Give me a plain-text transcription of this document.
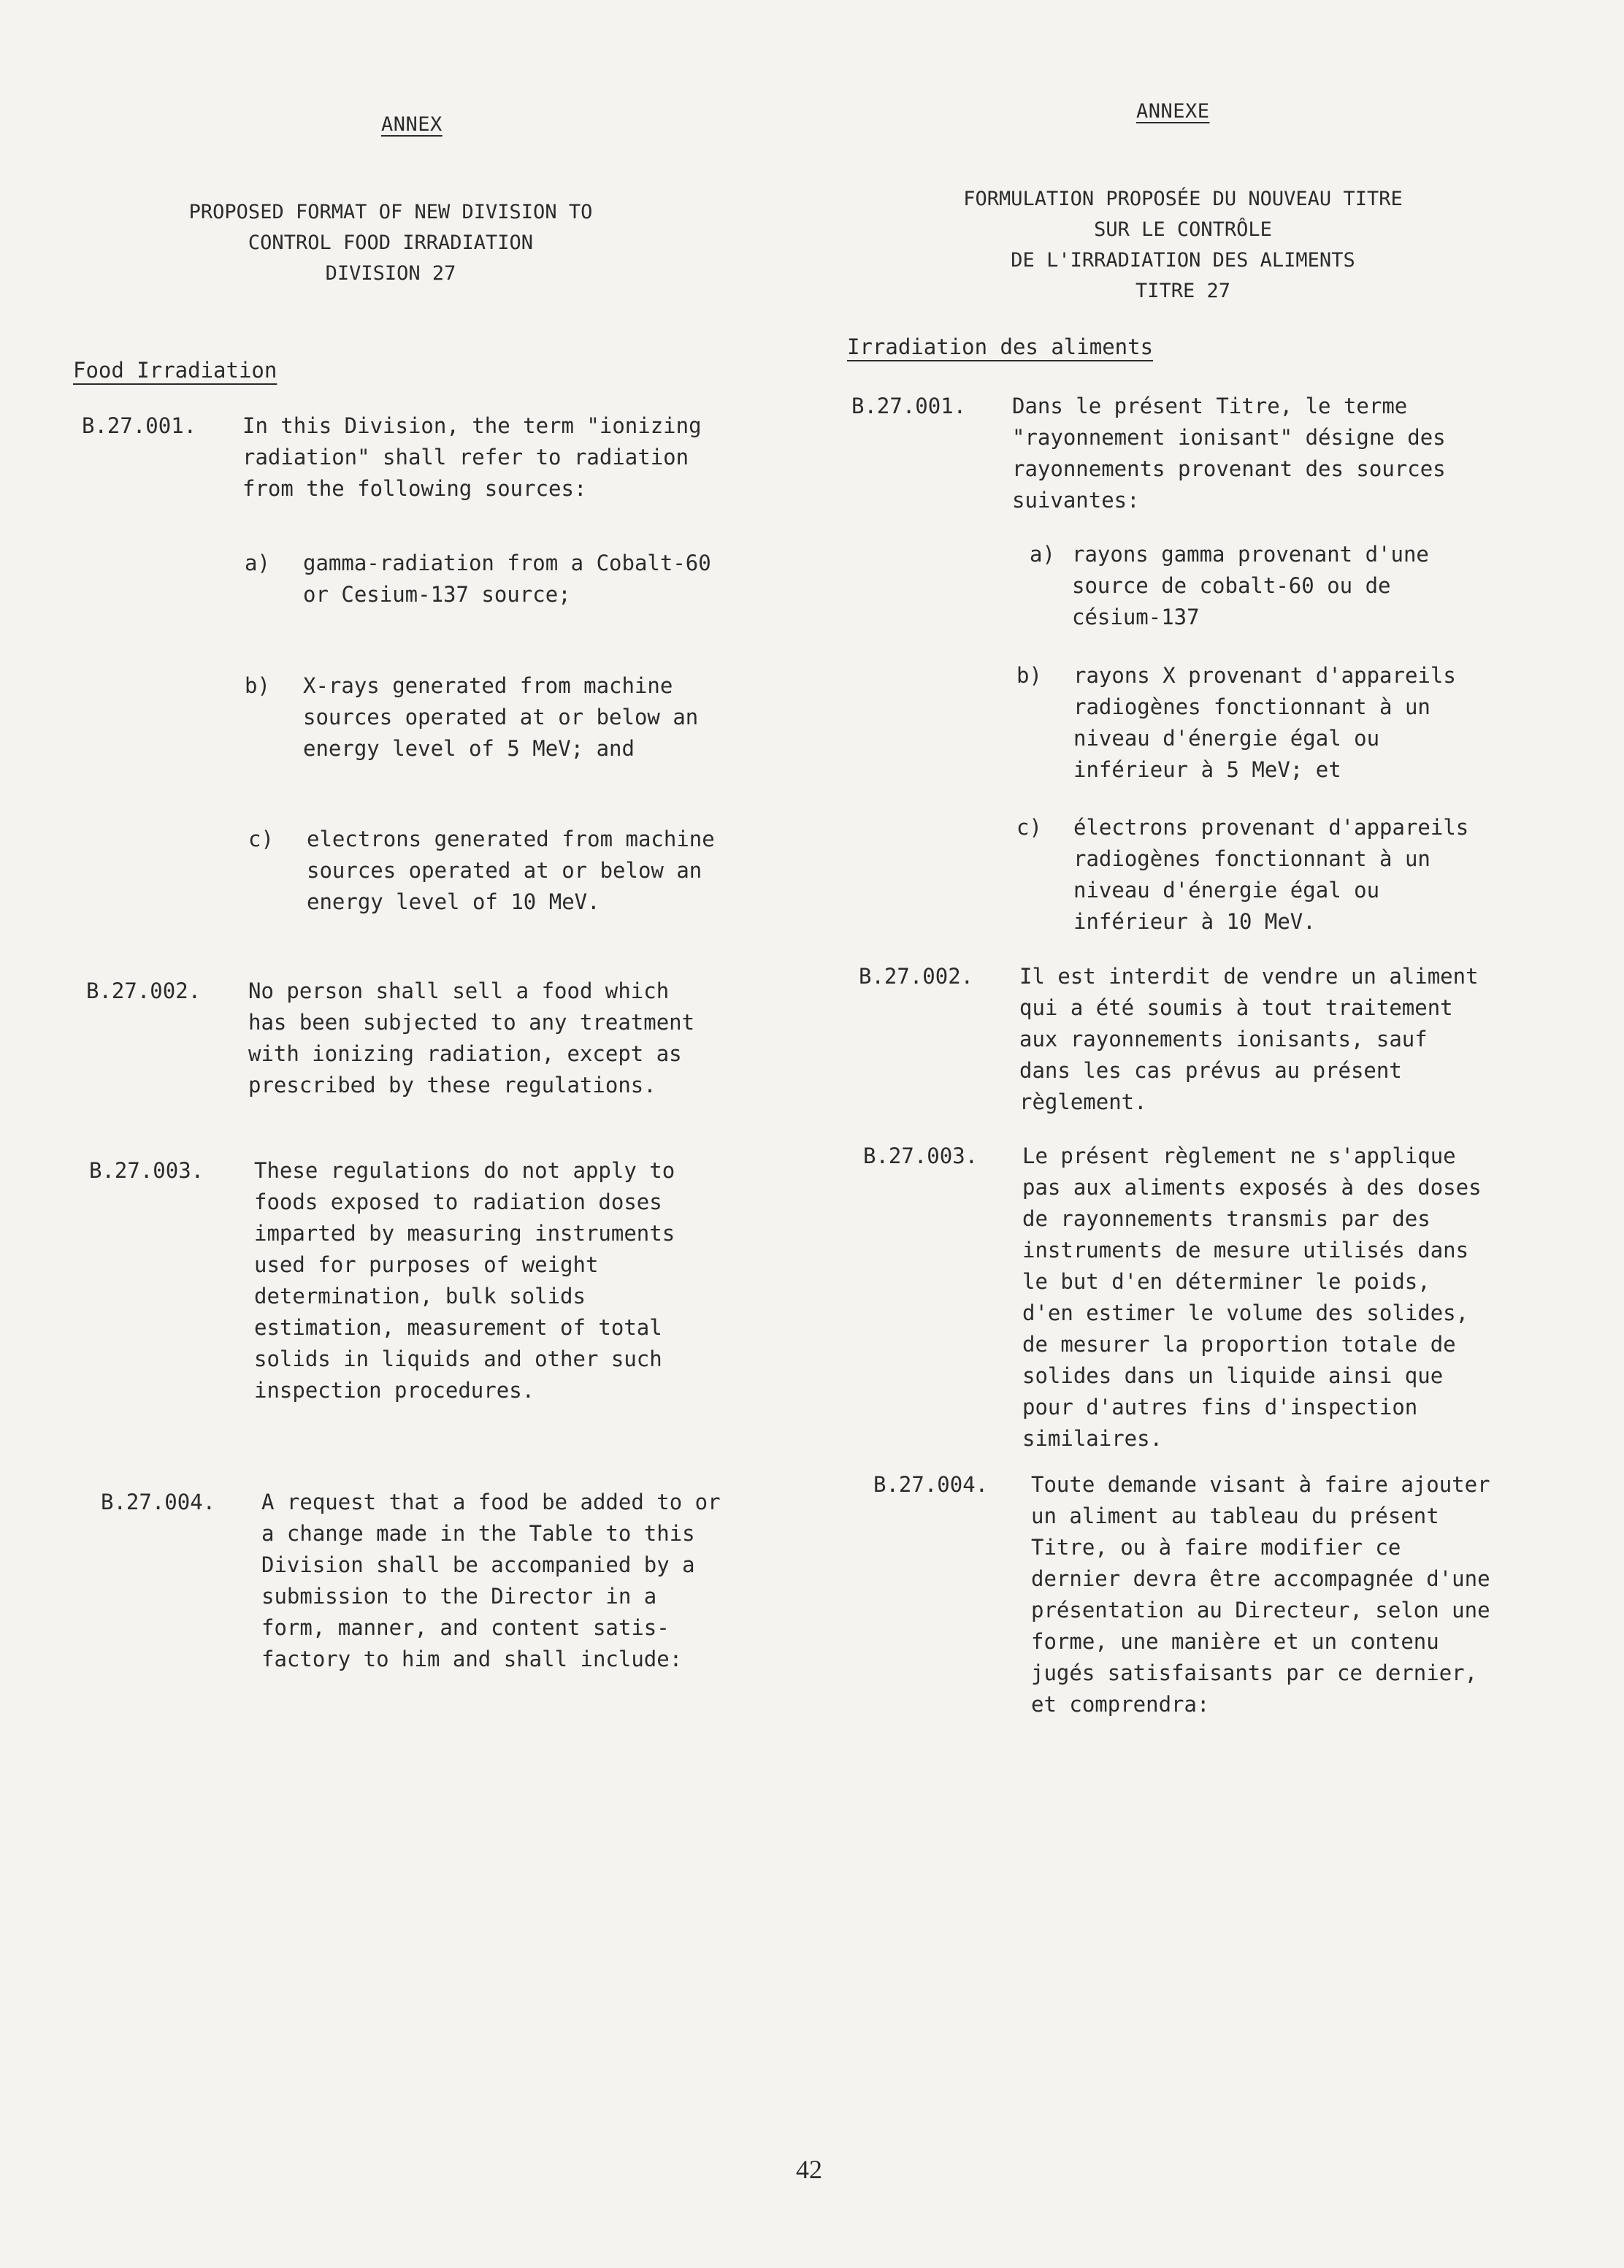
ANNEX
PROPOSED FORMAT OF NEW DIVISION TO
CONTROL FOOD IRRADIATION
DIVISION 27
Food Irradiation
B.27.001. In this Division, the term "ionizing
radiation" shall refer to radiation
from the following sources:
a) gamma-radiation from a Cobalt-60
or Cesium-137 source;
b) X-rays generated from machine
sources operated at or below an
energy level of 5 MeV; and
c) electrons generated from machine
sources operated at or below an
energy level of 10 MeV.
B.27.002. No person shall sell a food which
has been subjected to any treatment
with ionizing radiation, except as
prescribed by these regulations.
B.27.003. These regulations do not apply to
foods exposed to radiation doses
imparted by measuring instruments
used for purposes of weight
determination, bulk solids
estimation, measurement of total
solids in liquids and other such
inspection procedures.
B.27.004. A request that a food be added to or
a change made in the Table to this
Division shall be accompanied by a
submission to the Director in a
form, manner, and content satis-
factory to him and shall include:
ANNEXE
FORMULATION PROPOSÉE DU NOUVEAU TITRE
SUR LE CONTRÔLE
DE L'IRRADIATION DES ALIMENTS
TITRE 27
Irradiation des aliments
B.27.001. Dans le présent Titre, le terme
"rayonnement ionisant" désigne des
rayonnements provenant des sources
suivantes:
a) rayons gamma provenant d'une
source de cobalt-60 ou de
césium-137
b) rayons X provenant d'appareils
radiogènes fonctionnant à un
niveau d'énergie égal ou
inférieur à 5 MeV; et
c) électrons provenant d'appareils
radiogènes fonctionnant à un
niveau d'énergie égal ou
inférieur à 10 MeV.
B.27.002. Il est interdit de vendre un aliment
qui a été soumis à tout traitement
aux rayonnements ionisants, sauf
dans les cas prévus au présent
règlement.
B.27.003. Le présent règlement ne s'applique
pas aux aliments exposés à des doses
de rayonnements transmis par des
instruments de mesure utilisés dans
le but d'en déterminer le poids,
d'en estimer le volume des solides,
de mesurer la proportion totale de
solides dans un liquide ainsi que
pour d'autres fins d'inspection
similaires.
B.27.004. Toute demande visant à faire ajouter
un aliment au tableau du présent
Titre, ou à faire modifier ce
dernier devra être accompagnée d'une
présentation au Directeur, selon une
forme, une manière et un contenu
jugés satisfaisants par ce dernier,
et comprendra:
42
